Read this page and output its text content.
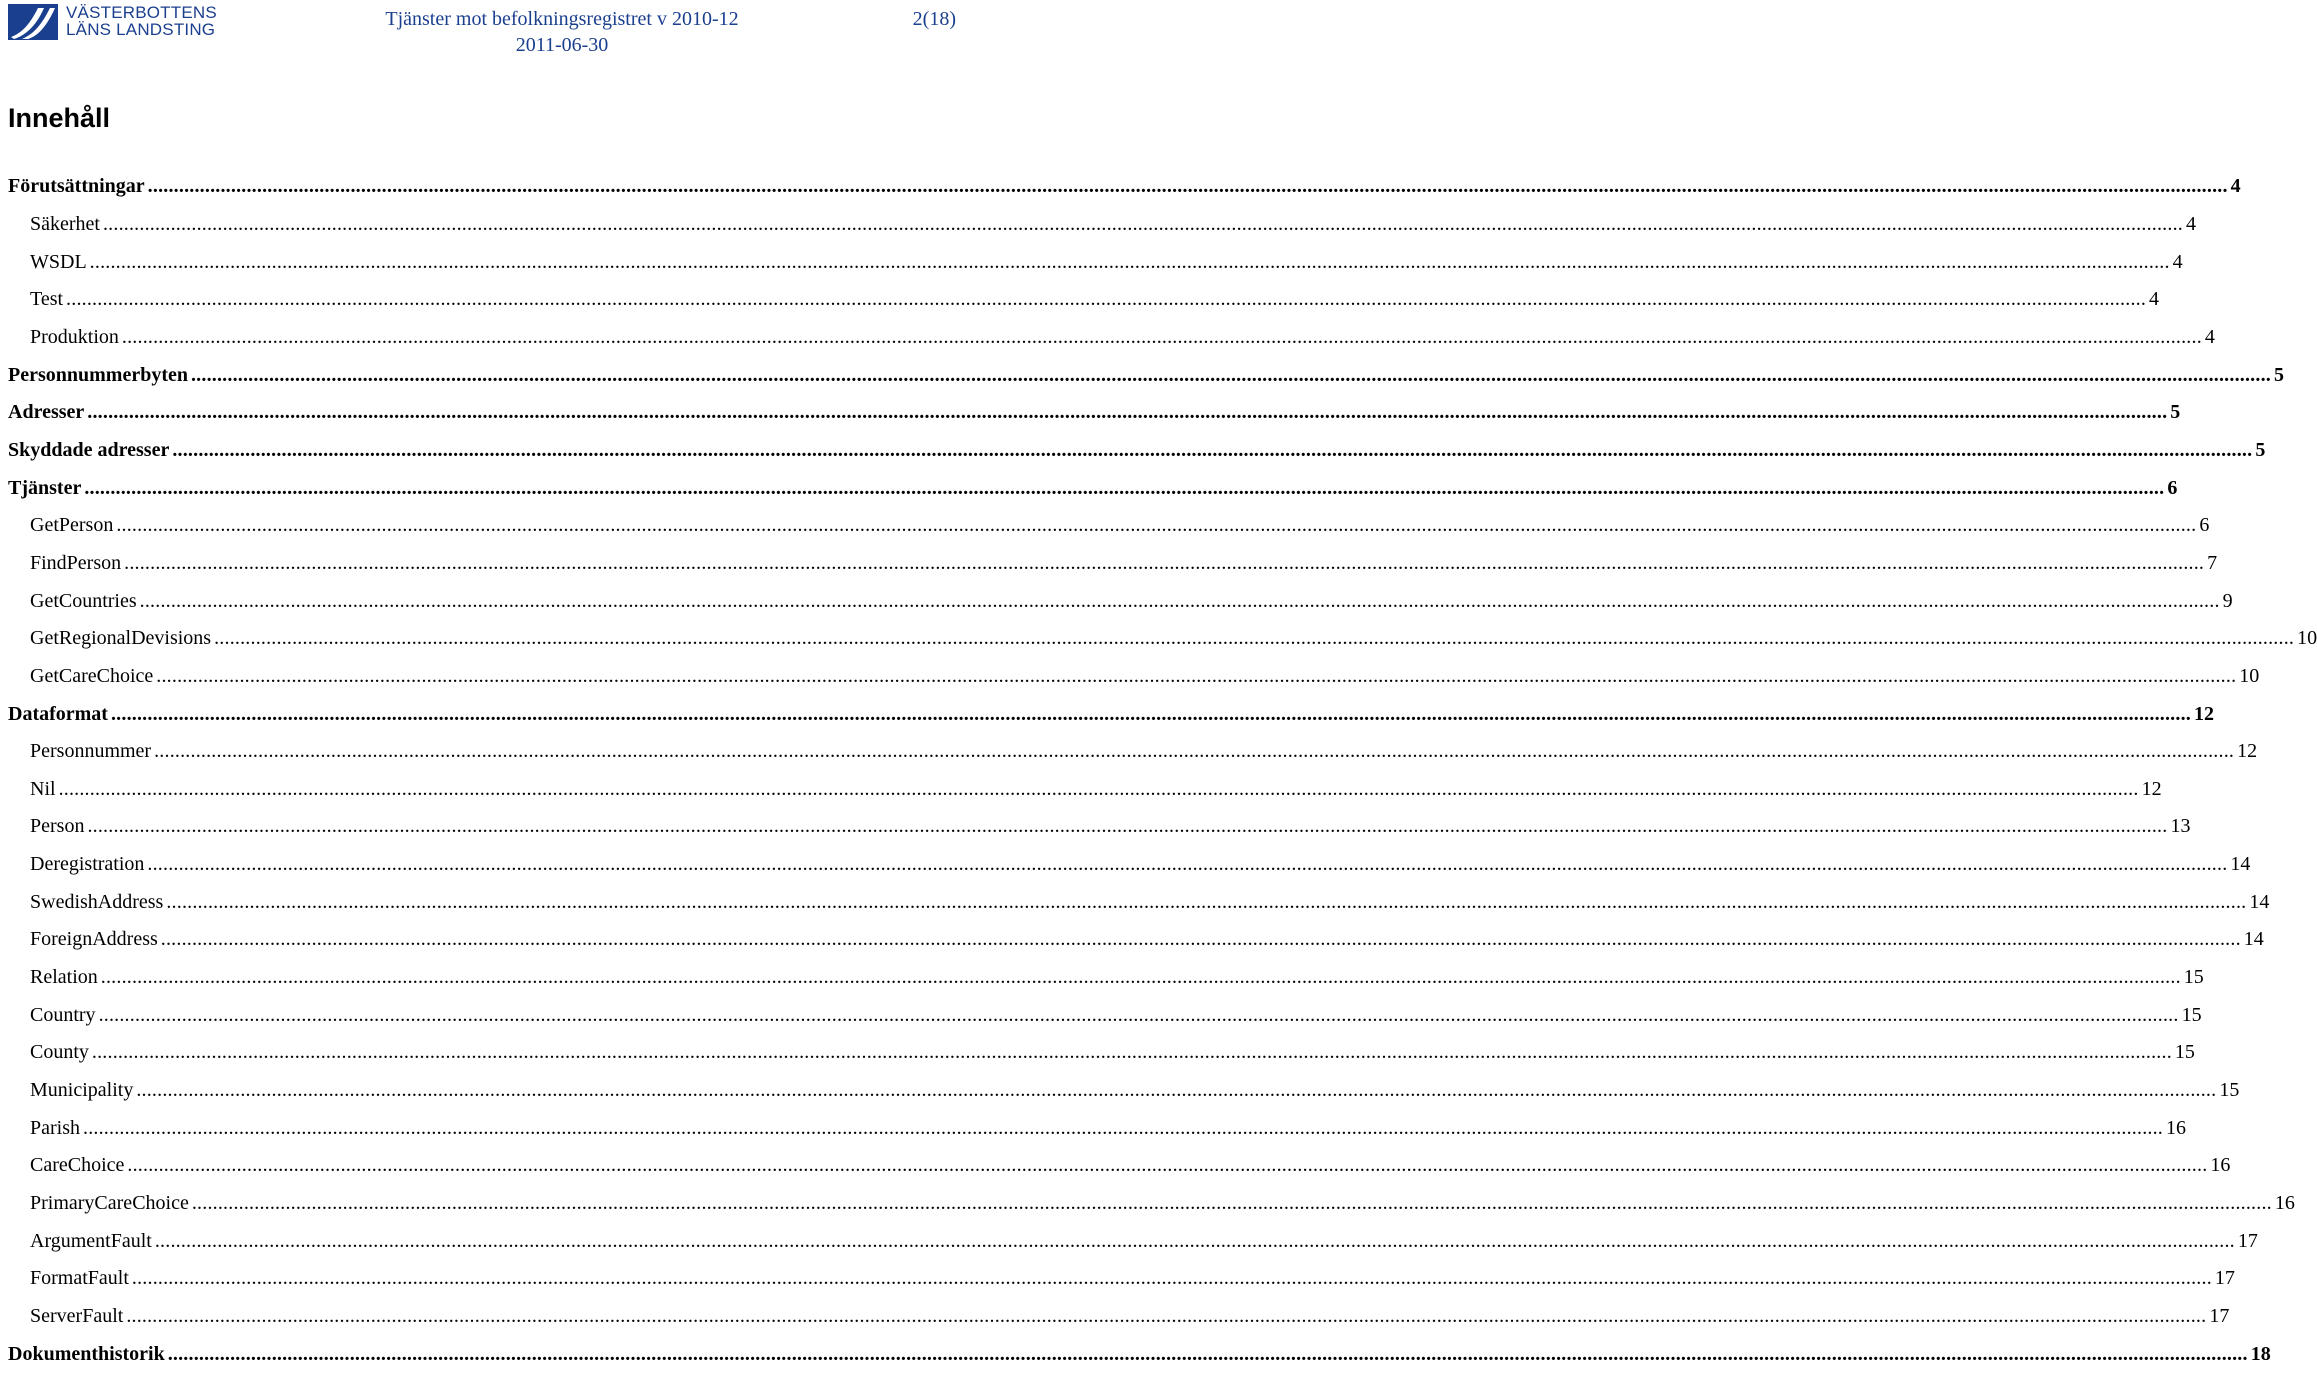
VÄSTERBOTTENS
LÄNS LANDSTING	Tjänster mot befolkningsregistret v 2010-12
2011-06-30
2(18)
Innehåll
Förutsättningar ................................................................................................................................................................................................................................................................................................................................................................................................................ 4
Säkerhet ................................................................................................................................................................................................................................................................................................................................................................................................................ 4
WSDL ................................................................................................................................................................................................................................................................................................................................................................................................................ 4
Test ................................................................................................................................................................................................................................................................................................................................................................................................................ 4
Produktion ................................................................................................................................................................................................................................................................................................................................................................................................................ 4
Personnummerbyten ................................................................................................................................................................................................................................................................................................................................................................................................................ 5
Adresser ................................................................................................................................................................................................................................................................................................................................................................................................................ 5
Skyddade adresser ................................................................................................................................................................................................................................................................................................................................................................................................................ 5
Tjänster ................................................................................................................................................................................................................................................................................................................................................................................................................ 6
GetPerson ................................................................................................................................................................................................................................................................................................................................................................................................................ 6
FindPerson ................................................................................................................................................................................................................................................................................................................................................................................................................ 7
GetCountries ................................................................................................................................................................................................................................................................................................................................................................................................................ 9
GetRegionalDevisions ................................................................................................................................................................................................................................................................................................................................................................................................................ 10
GetCareChoice ................................................................................................................................................................................................................................................................................................................................................................................................................ 10
Dataformat ................................................................................................................................................................................................................................................................................................................................................................................................................ 12
Personnummer ................................................................................................................................................................................................................................................................................................................................................................................................................ 12
Nil ................................................................................................................................................................................................................................................................................................................................................................................................................ 12
Person ................................................................................................................................................................................................................................................................................................................................................................................................................ 13
Deregistration ................................................................................................................................................................................................................................................................................................................................................................................................................ 14
SwedishAddress ................................................................................................................................................................................................................................................................................................................................................................................................................ 14
ForeignAddress ................................................................................................................................................................................................................................................................................................................................................................................................................ 14
Relation ................................................................................................................................................................................................................................................................................................................................................................................................................ 15
Country ................................................................................................................................................................................................................................................................................................................................................................................................................ 15
County ................................................................................................................................................................................................................................................................................................................................................................................................................ 15
Municipality ................................................................................................................................................................................................................................................................................................................................................................................................................ 15
Parish ................................................................................................................................................................................................................................................................................................................................................................................................................ 16
CareChoice ................................................................................................................................................................................................................................................................................................................................................................................................................ 16
PrimaryCareChoice ................................................................................................................................................................................................................................................................................................................................................................................................................ 16
ArgumentFault ................................................................................................................................................................................................................................................................................................................................................................................................................ 17
FormatFault ................................................................................................................................................................................................................................................................................................................................................................................................................ 17
ServerFault ................................................................................................................................................................................................................................................................................................................................................................................................................ 17
Dokumenthistorik ................................................................................................................................................................................................................................................................................................................................................................................................................ 18
